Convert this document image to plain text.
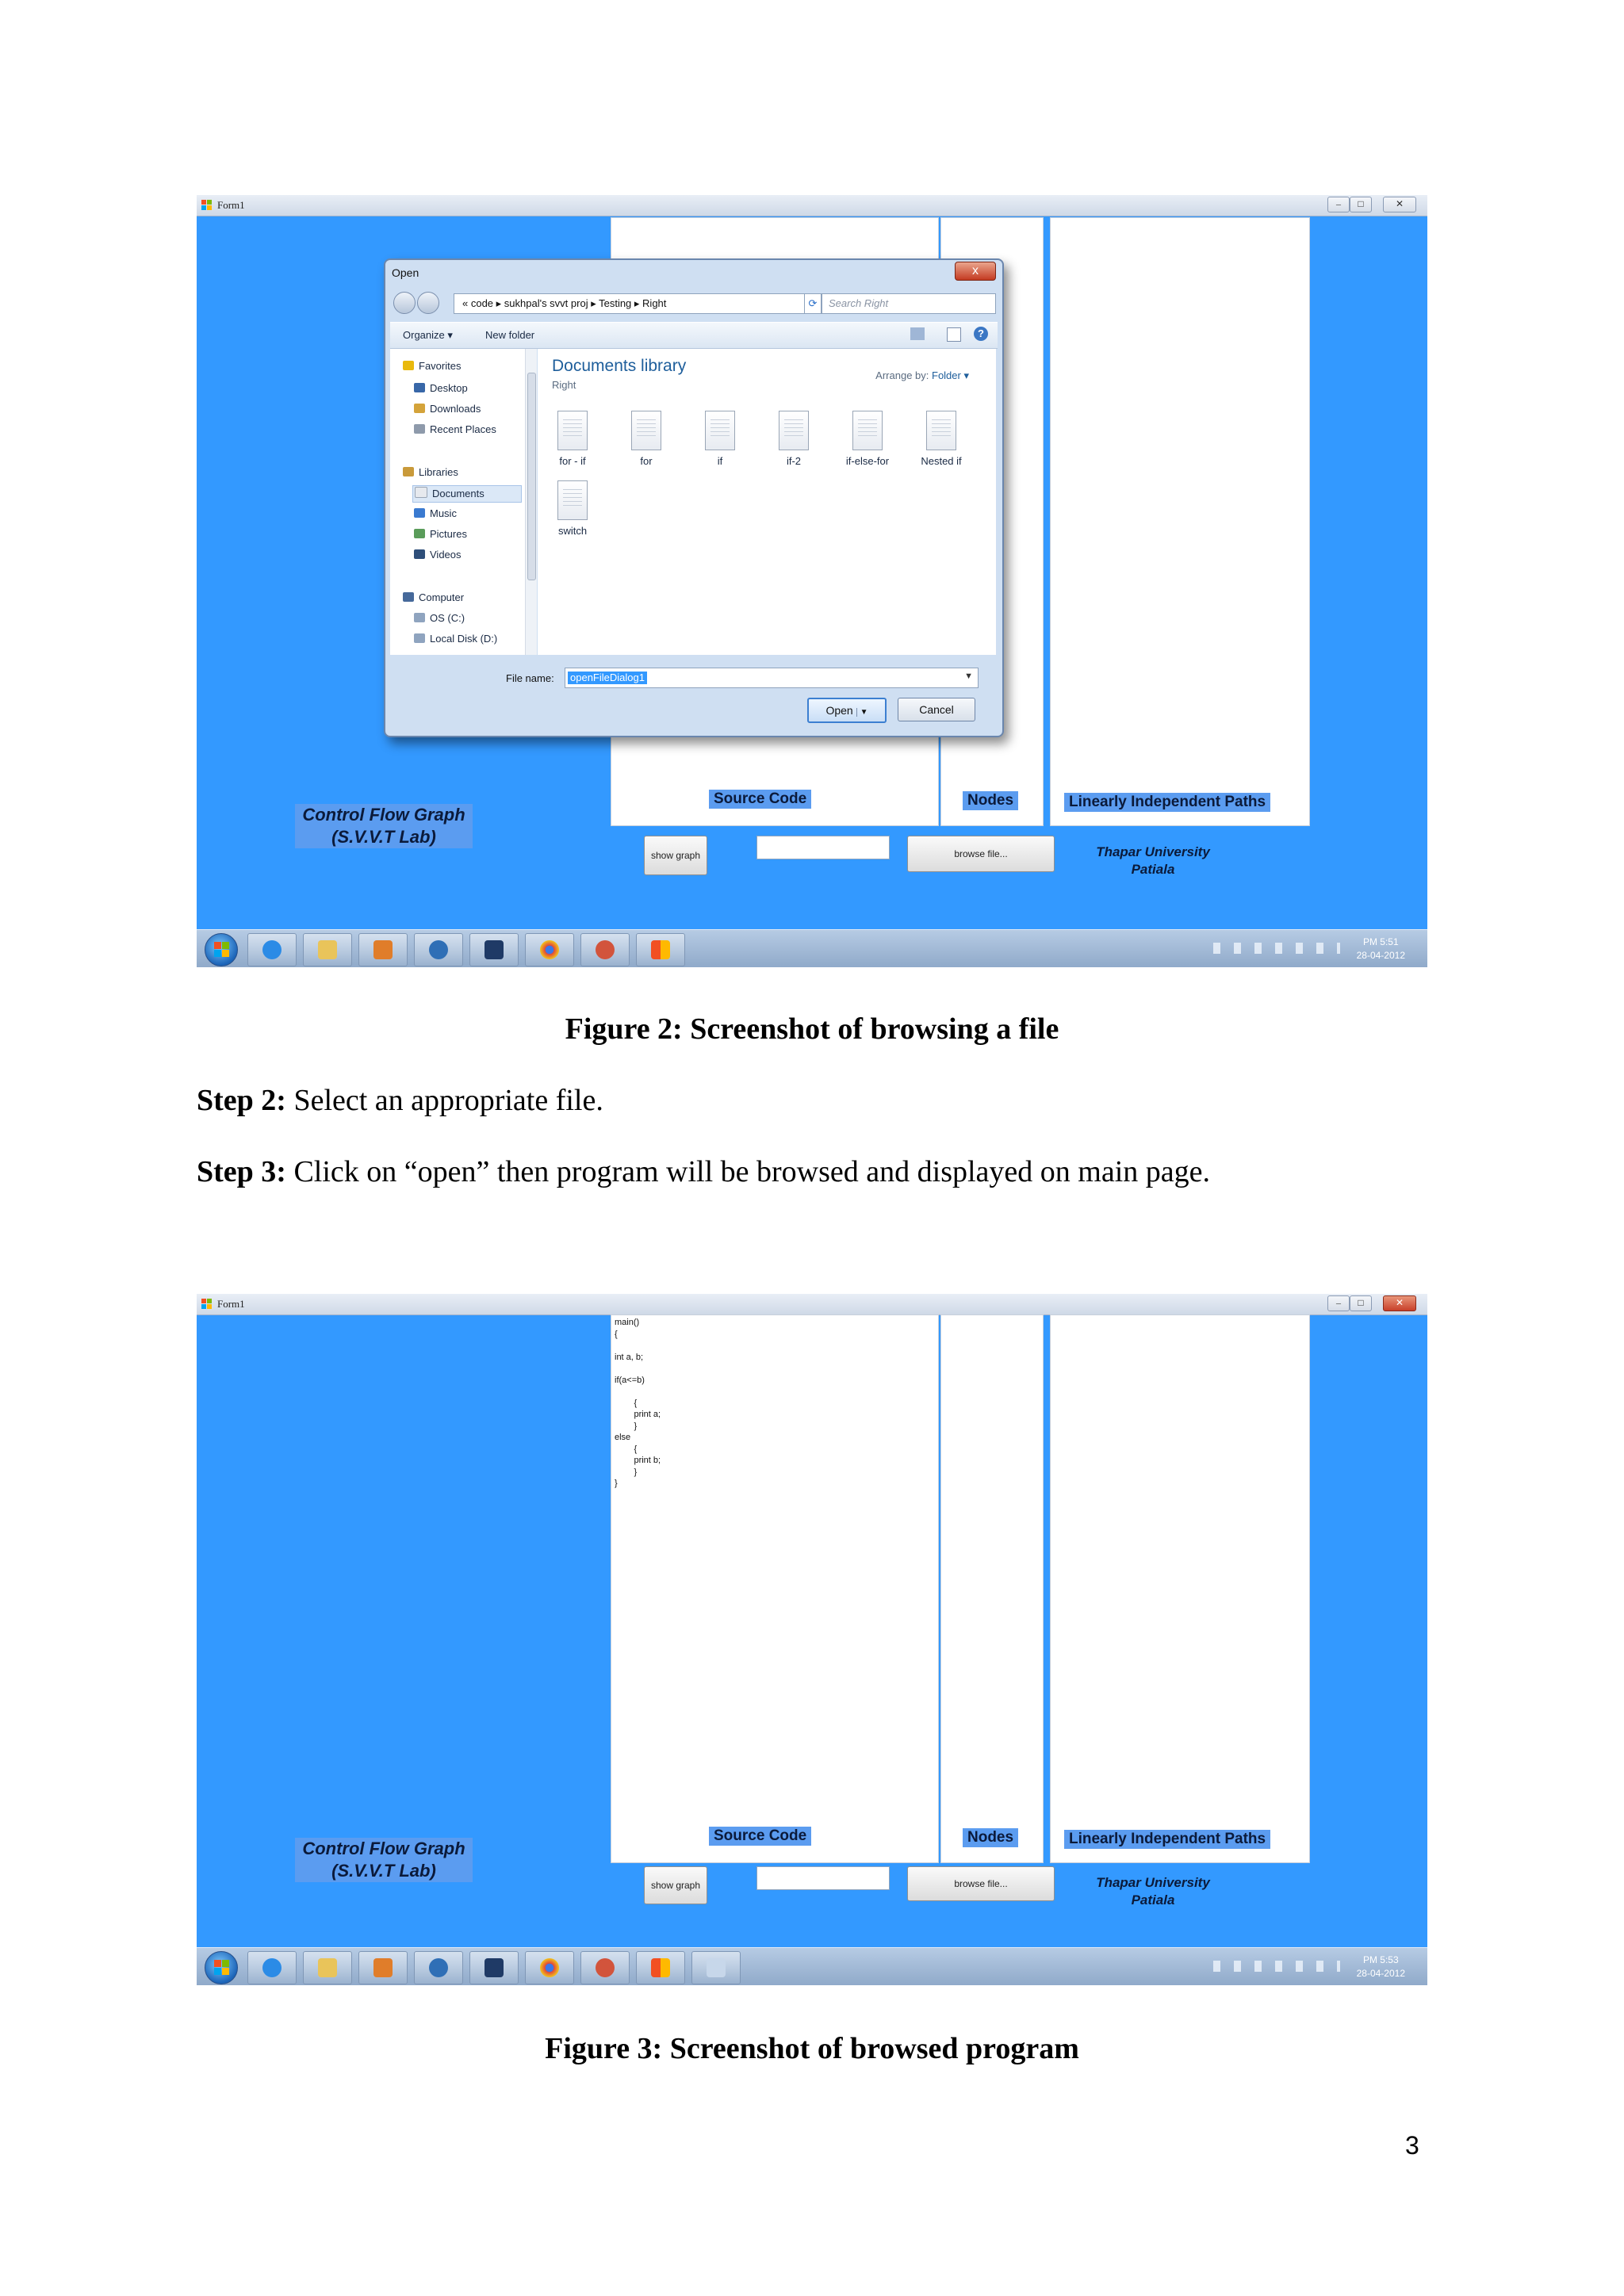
Form1	–	□	✕
Source Code	Nodes	Linearly Independent Paths
Control Flow Graph
(S.V.V.T Lab)
show graph	browse file...	Thapar University
Patiala
Open	x
« code ▸ sukhpal's svvt proj ▸ Testing ▸ Right	⟳	Search Right
Organize ▾	New folder	?
Favorites
Desktop
Downloads
Recent Places
Libraries
Documents
Music
Pictures
Videos
Computer
OS (C:)
Local Disk (D:)
Documents library
Right
Arrange by: Folder ▾
for - if	for	if	if-2	if-else-for	Nested if
switch
File name: openFileDialog1	▼
Open ▼	Cancel
PM 5:51
28-04-2012
Figure 2: Screenshot of browsing a file
Step 2: Select an appropriate file.
Step 3: Click on “open” then program will be browsed and displayed on main page.
Form1	–	□	✕
main()
{

int a, b;

if(a<=b)

{
print a;
}
else
{
print b;
}
}
Source Code	Nodes	Linearly Independent Paths
Control Flow Graph
(S.V.V.T Lab)
show graph	browse file...	Thapar University
Patiala
PM 5:53
28-04-2012
Figure 3: Screenshot of browsed program
3
